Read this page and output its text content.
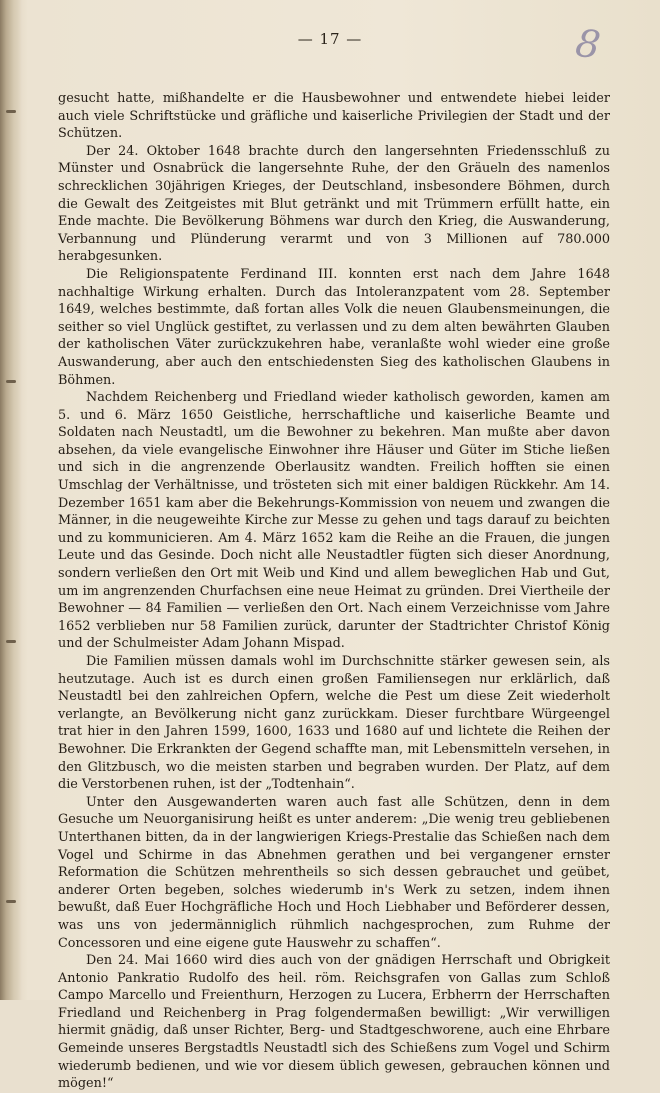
— 17 —	8

gesucht hatte, mißhandelte er die Hausbewohner und entwendete hiebei leider auch viele Schriftstücke und gräfliche und kaiserliche Privilegien der Stadt und der Schützen.

Der 24. Oktober 1648 brachte durch den langersehnten Friedensschluß zu Münster und Osnabrück die langersehnte Ruhe, der den Gräueln des namenlos schrecklichen 30jährigen Krieges, der Deutschland, insbesondere Böhmen, durch die Gewalt des Zeitgeistes mit Blut getränkt und mit Trümmern erfüllt hatte, ein Ende machte. Die Bevölkerung Böhmens war durch den Krieg, die Auswanderung, Verbannung und Plünderung verarmt und von 3 Millionen auf 780.000 herabgesunken.

Die Religionspatente Ferdinand III. konnten erst nach dem Jahre 1648 nachhaltige Wirkung erhalten. Durch das Intoleranzpatent vom 28. September 1649, welches bestimmte, daß fortan alles Volk die neuen Glaubensmeinungen, die seither so viel Unglück gestiftet, zu verlassen und zu dem alten bewährten Glauben der katholischen Väter zurückzukehren habe, veranlaßte wohl wieder eine große Auswanderung, aber auch den entschiedensten Sieg des katholischen Glaubens in Böhmen.

Nachdem Reichenberg und Friedland wieder katholisch geworden, kamen am 5. und 6. März 1650 Geistliche, herrschaftliche und kaiserliche Beamte und Soldaten nach Neustadtl, um die Bewohner zu bekehren. Man mußte aber davon absehen, da viele evangelische Einwohner ihre Häuser und Güter im Stiche ließen und sich in die angrenzende Oberlausitz wandten. Freilich hofften sie einen Umschlag der Verhältnisse, und trösteten sich mit einer baldigen Rückkehr. Am 14. Dezember 1651 kam aber die Bekehrungs-Kommission von neuem und zwangen die Männer, in die neugeweihte Kirche zur Messe zu gehen und tags darauf zu beichten und zu kommunicieren. Am 4. März 1652 kam die Reihe an die Frauen, die jungen Leute und das Gesinde. Doch nicht alle Neustadtler fügten sich dieser Anordnung, sondern verließen den Ort mit Weib und Kind und allem beweglichen Hab und Gut, um im angrenzenden Churfachsen eine neue Heimat zu gründen. Drei Viertheile der Bewohner — 84 Familien — verließen den Ort. Nach einem Verzeichnisse vom Jahre 1652 verblieben nur 58 Familien zurück, darunter der Stadtrichter Christof König und der Schulmeister Adam Johann Mispad.

Die Familien müssen damals wohl im Durchschnitte stärker gewesen sein, als heutzutage. Auch ist es durch einen großen Familiensegen nur erklärlich, daß Neustadtl bei den zahlreichen Opfern, welche die Pest um diese Zeit wiederholt verlangte, an Bevölkerung nicht ganz zurückkam. Dieser furchtbare Würgeengel trat hier in den Jahren 1599, 1600, 1633 und 1680 auf und lichtete die Reihen der Bewohner. Die Erkrankten der Gegend schaffte man, mit Lebensmitteln versehen, in den Glitzbusch, wo die meisten starben und begraben wurden. Der Platz, auf dem die Verstorbenen ruhen, ist der „Todtenhain“.

Unter den Ausgewanderten waren auch fast alle Schützen, denn in dem Gesuche um Neuorganisirung heißt es unter anderem: „Die wenig treu gebliebenen Unterthanen bitten, da in der langwierigen Kriegs-Prestalie das Schießen nach dem Vogel und Schirme in das Abnehmen gerathen und bei vergangener ernster Reformation die Schützen mehrentheils so sich dessen gebrauchet und geübet, anderer Orten begeben, solches wiederumb in's Werk zu setzen, indem ihnen bewußt, daß Euer Hochgräfliche Hoch und Hoch Liebhaber und Beförderer dessen, was uns von jedermänniglich rühmlich nachgesprochen, zum Ruhme der Concessoren und eine eigene gute Hauswehr zu schaffen“.

Den 24. Mai 1660 wird dies auch von der gnädigen Herrschaft und Obrigkeit Antonio Pankratio Rudolfo des heil. röm. Reichsgrafen von Gallas zum Schloß Campo Marcello und Freienthurn, Herzogen zu Lucera, Erbherrn der Herrschaften Friedland und Reichenberg in Prag folgendermaßen bewilligt: „Wir verwilligen hiermit gnädig, daß unser Richter, Berg- und Stadtgeschworene, auch eine Ehrbare Gemeinde unseres Bergstadtls Neustadtl sich des Schießens zum Vogel und Schirm wiederumb bedienen, und wie vor diesem üblich gewesen, gebrauchen können und mögen!“
